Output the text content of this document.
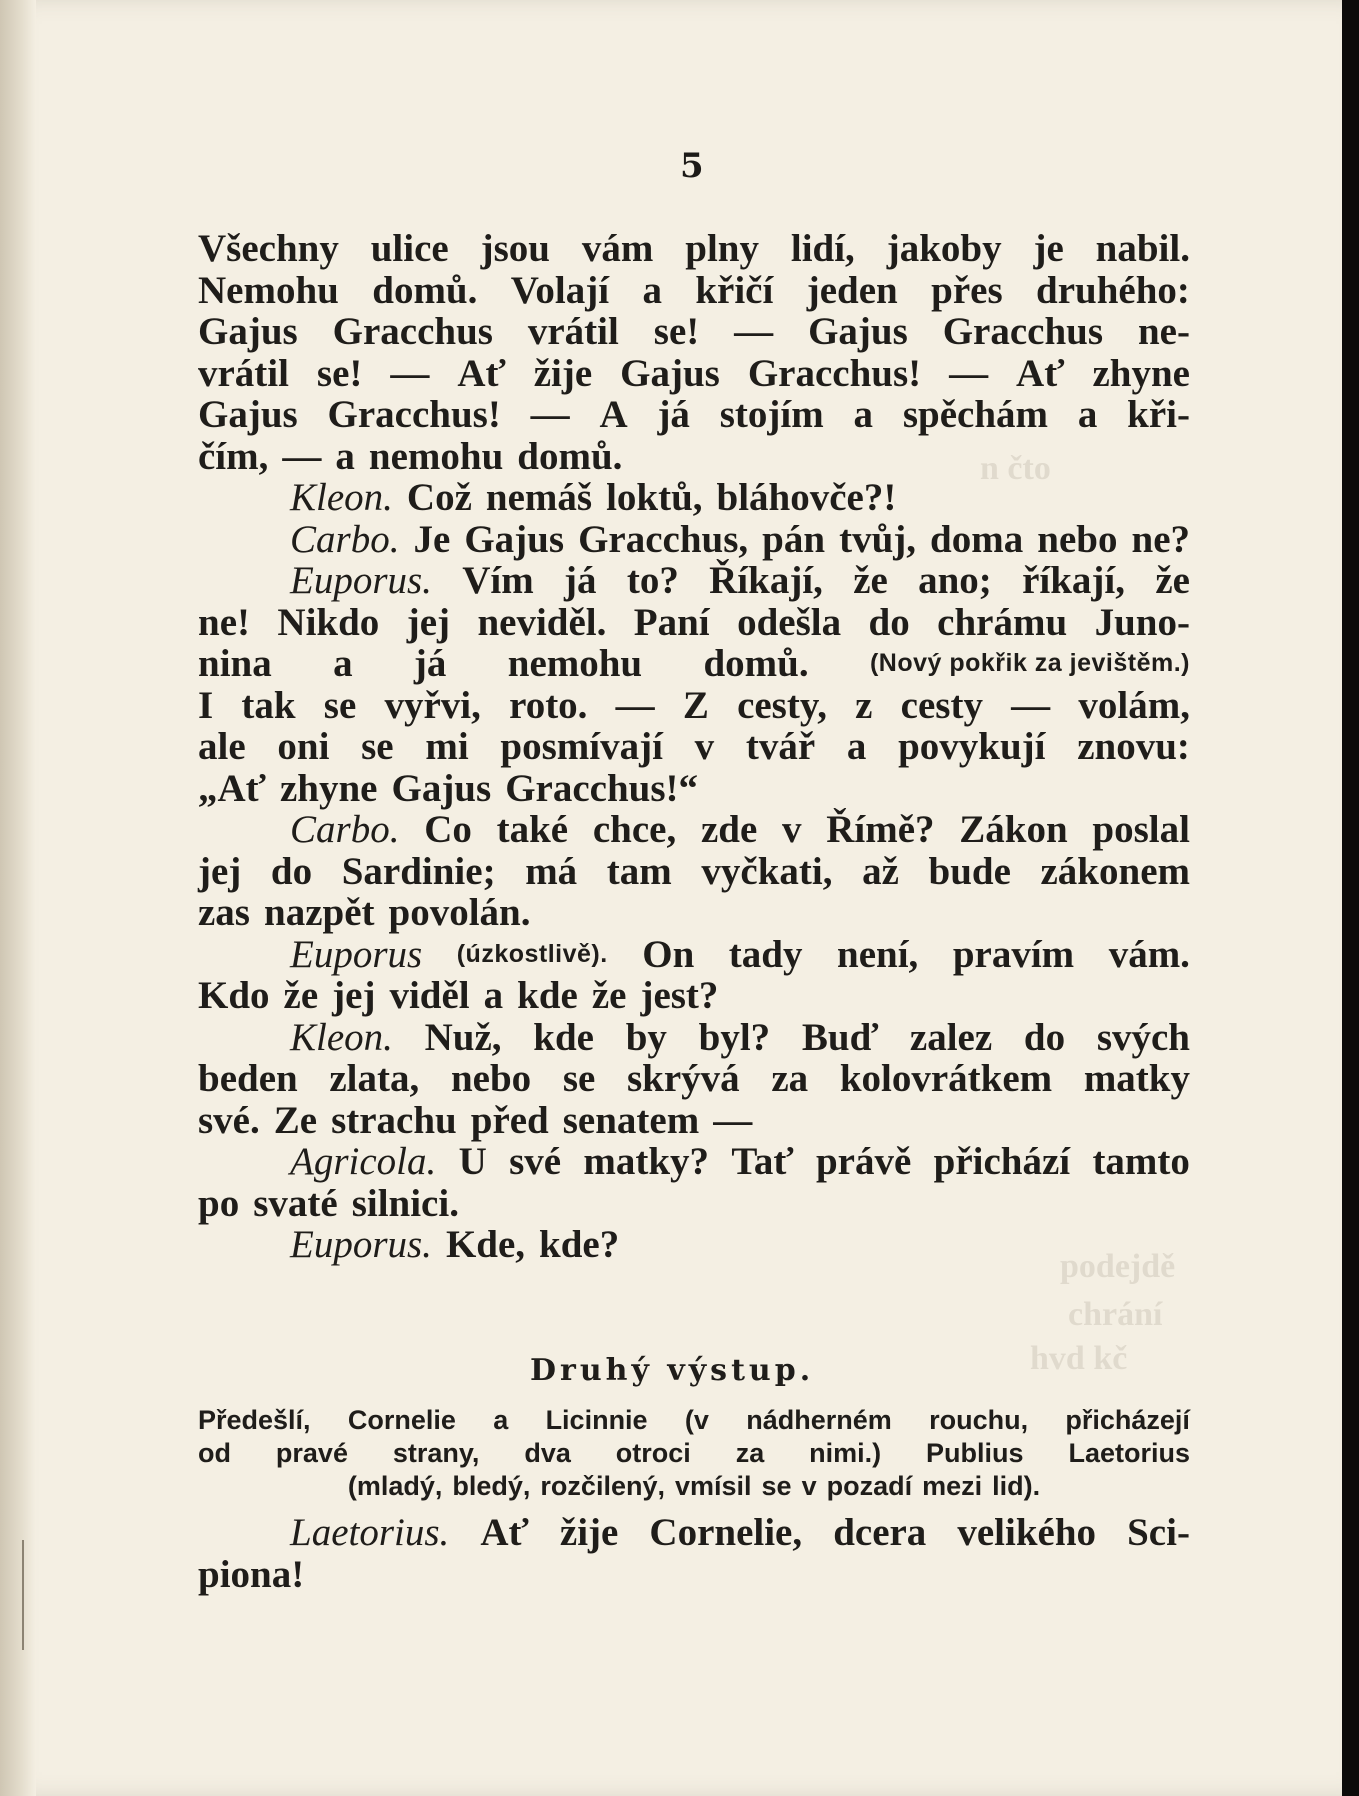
n čto
podejdě
chrání
hvd kč
5
Všechny ulice jsou vám plny lidí, jakoby je nabil.
Nemohu domů. Volají a křičí jeden přes druhého:
Gajus Gracchus vrátil se! — Gajus Gracchus ne-
vrátil se! — Ať žije Gajus Gracchus! — Ať zhyne
Gajus Gracchus! — A já stojím a spěchám a kři-
čím, — a nemohu domů.
Kleon. Což nemáš loktů, bláhovče?!
Carbo. Je Gajus Gracchus, pán tvůj, doma nebo ne?
Euporus. Vím já to? Říkají, že ano; říkají, že
ne! Nikdo jej neviděl. Paní odešla do chrámu Juno-
nina a já nemohu domů. (Nový pokřik za jevištěm.)
I tak se vyřvi, roto. — Z cesty, z cesty — volám,
ale oni se mi posmívají v tvář a povykují znovu:
„Ať zhyne Gajus Gracchus!“
Carbo. Co také chce, zde v Římě? Zákon poslal
jej do Sardinie; má tam vyčkati, až bude zákonem
zas nazpět povolán.
Euporus (úzkostlivě). On tady není, pravím vám.
Kdo že jej viděl a kde že jest?
Kleon. Nuž, kde by byl? Buď zalez do svých
beden zlata, nebo se skrývá za kolovrátkem matky
své. Ze strachu před senatem —
Agricola. U své matky? Tať právě přichází tamto
po svaté silnici.
Euporus. Kde, kde?
Druhý výstup.
Předešlí, Cornelie a Licinnie (v nádherném rouchu, přicházejí
od pravé strany, dva otroci za nimi.) Publius Laetorius
(mladý, bledý, rozčilený, vmísil se v pozadí mezi lid).
Laetorius. Ať žije Cornelie, dcera velikého Sci-
piona!
